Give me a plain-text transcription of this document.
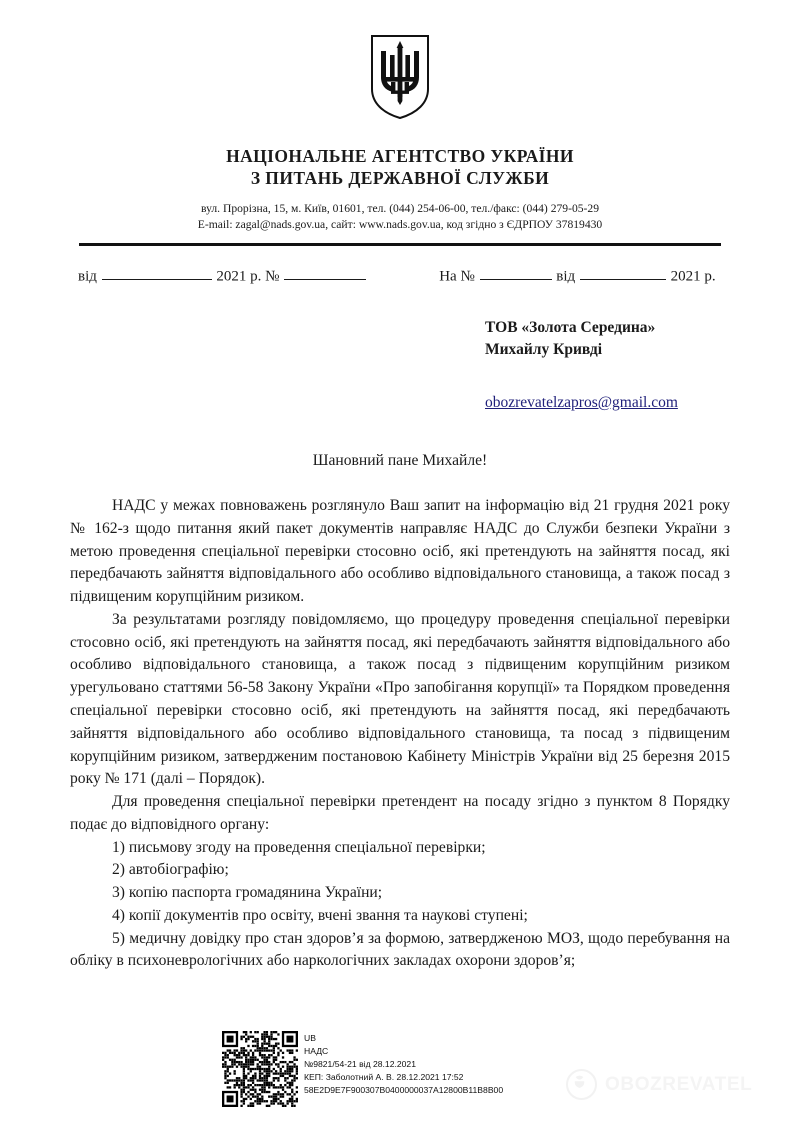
НАЦІОНАЛЬНЕ АГЕНТСТВО УКРАЇНИ
З ПИТАНЬ ДЕРЖАВНОЇ СЛУЖБИ
вул. Прорізна, 15, м. Київ, 01601, тел. (044) 254-06-00, тел./факс: (044) 279-05-29
E-mail: zagal@nads.gov.ua, сайт: www.nads.gov.ua, код згідно з ЄДРПОУ 37819430
від	2021 р. №	На №	від	2021 р.
ТОВ «Золота Середина»
Михайлу Кривді
obozrevatelzapros@gmail.com
Шановний пане Михайле!

НАДС у межах повноважень розглянуло Ваш запит на інформацію від 21 грудня 2021 року № 162-з щодо питання який пакет документів направляє НАДС до Служби безпеки України з метою проведення спеціальної перевірки стосовно осіб, які претендують на зайняття посад, які передбачають зайняття відповідального або особливо відповідального становища, а також посад з підвищеним корупційним ризиком.

За результатами розгляду повідомляємо, що процедуру проведення спеціальної перевірки стосовно осіб, які претендують на зайняття посад, які передбачають зайняття відповідального або особливо відповідального становища, а також посад з підвищеним корупційним ризиком урегульовано статтями 56-58 Закону України «Про запобігання корупції» та Порядком проведення спеціальної перевірки стосовно осіб, які претендують на зайняття посад, які передбачають зайняття відповідального або особливо відповідального становища, та посад з підвищеним корупційним ризиком, затвердженим постановою Кабінету Міністрів України від 25 березня 2015 року № 171 (далі – Порядок).

Для проведення спеціальної перевірки претендент на посаду згідно з пунктом 8 Порядку подає до відповідного органу:

1) письмову згоду на проведення спеціальної перевірки;

2) автобіографію;

3) копію паспорта громадянина України;

4) копії документів про освіту, вчені звання та наукові ступені;

5) медичну довідку про стан здоров’я за формою, затвердженою МОЗ, щодо перебування на обліку в психоневрологічних або наркологічних закладах охорони здоров’я;

UB
НАДС
№9821/54-21 від 28.12.2021
КЕП: Заболотний А. В. 28.12.2021 17:52
58E2D9E7F900307B0400000037A12800B11B8B00	OBOZREVATEL
